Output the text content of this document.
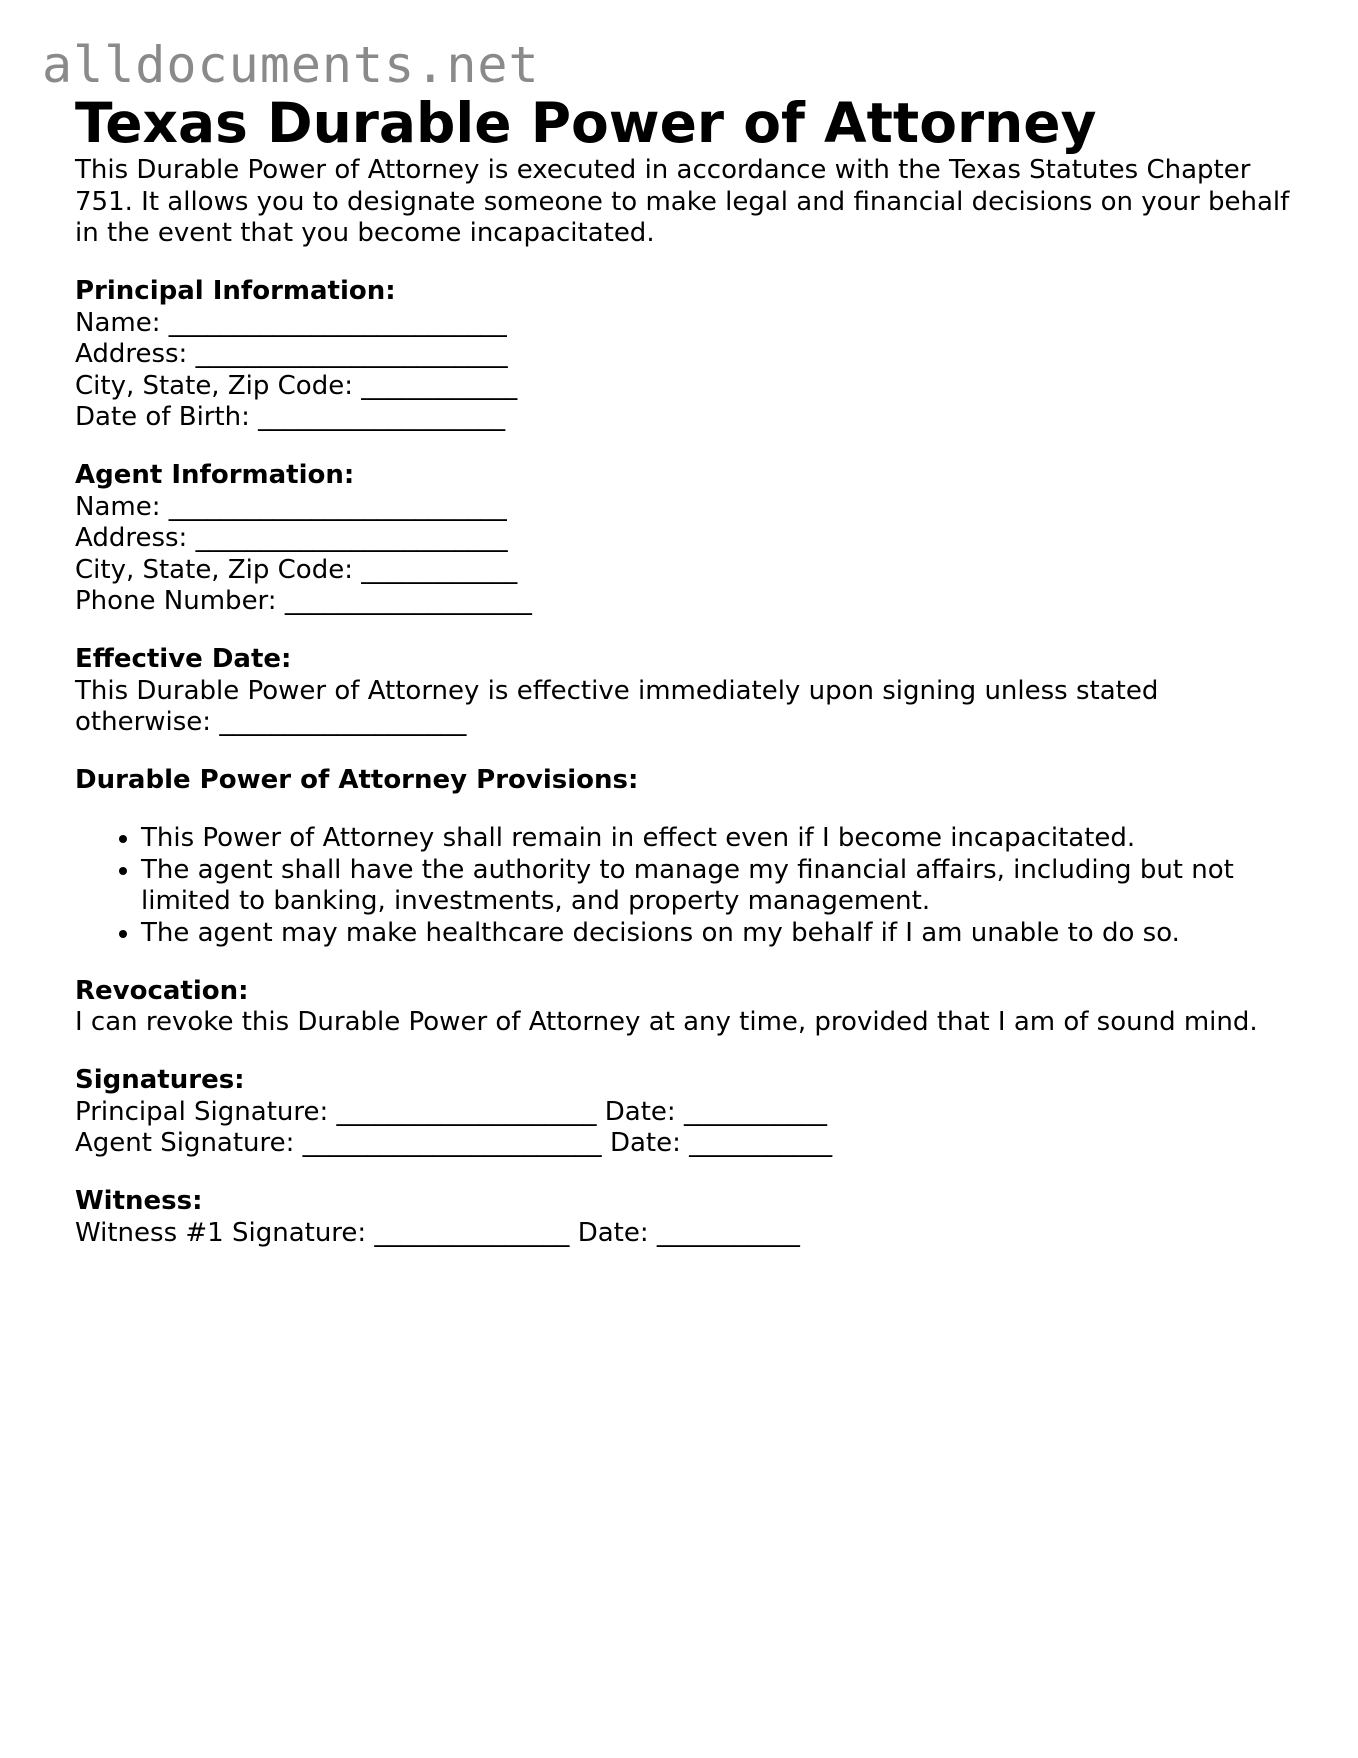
alldocuments.net
Texas Durable Power of Attorney

This Durable Power of Attorney is executed in accordance with the Texas Statutes Chapter 751. It allows you to designate someone to make legal and financial decisions on your behalf in the event that you become incapacitated.

Principal Information:

Name: __________________________

Address: ________________________

City, State, Zip Code: ____________

Date of Birth: ___________________

Agent Information:

Name: __________________________

Address: ________________________

City, State, Zip Code: ____________

Phone Number: ___________________

Effective Date:

This Durable Power of Attorney is effective immediately upon signing unless stated otherwise: ___________________

Durable Power of Attorney Provisions:
• This Power of Attorney shall remain in effect even if I become incapacitated.
• The agent shall have the authority to manage my financial affairs, including but not limited to banking, investments, and property management.
• The agent may make healthcare decisions on my behalf if I am unable to do so.
Revocation:

I can revoke this Durable Power of Attorney at any time, provided that I am of sound mind.

Signatures:

Principal Signature: ____________________ Date: ___________

Agent Signature: _______________________ Date: ___________

Witness:

Witness #1 Signature: _______________ Date: ___________
